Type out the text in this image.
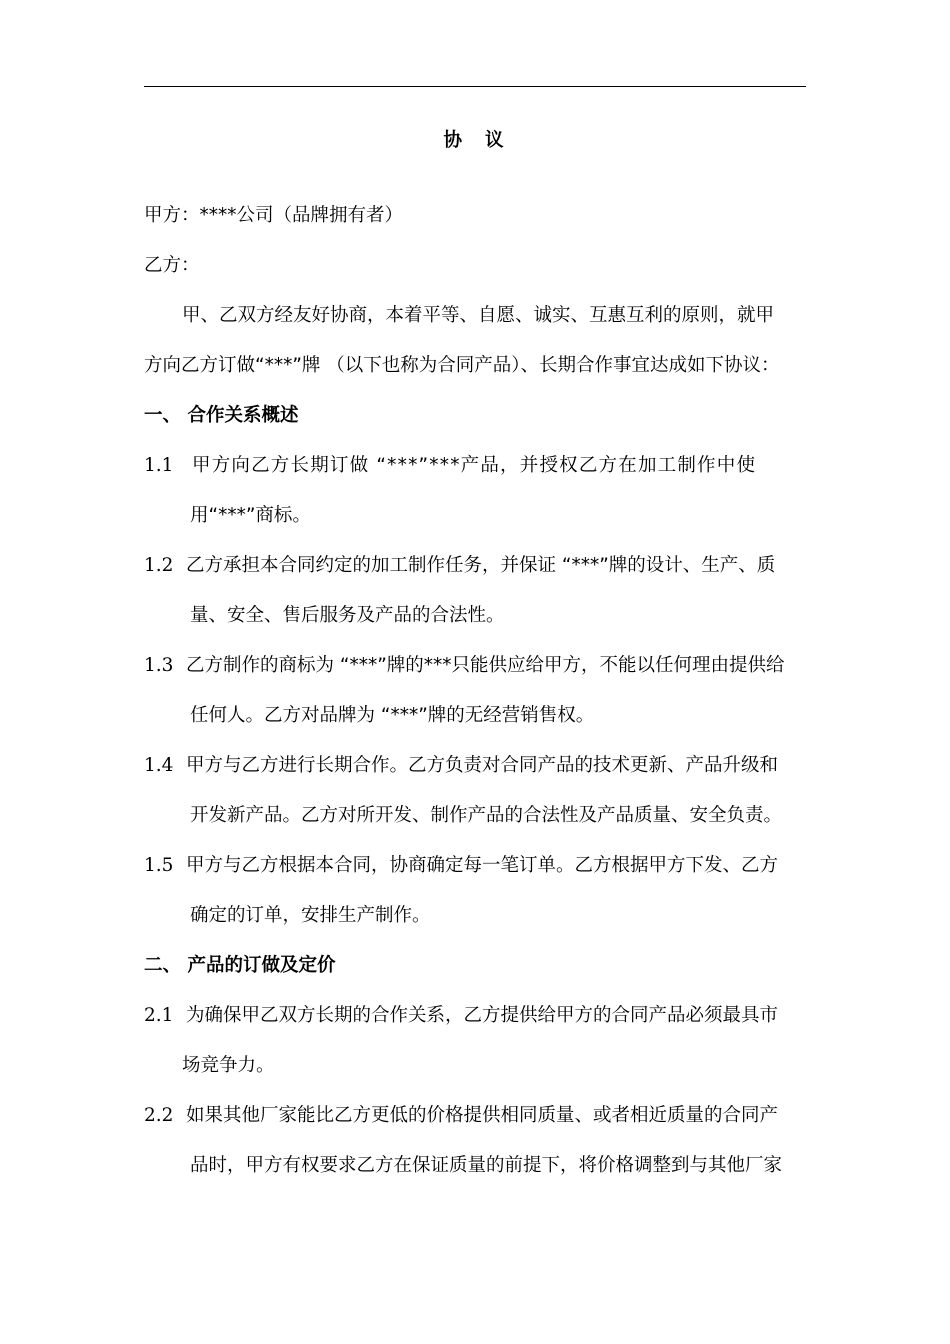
协 议

甲方：****公司（品牌拥有者）

乙方：

甲、乙双方经友好协商，本着平等、自愿、诚实、互惠互利的原则，就甲

方向乙方订做“***”牌 （以下也称为合同产品）、长期合作事宜达成如下协议：

一、 合作关系概述

1.1 甲方向乙方长期订做 “***”***产品，并授权乙方在加工制作中使

用“***”商标。

1.2 乙方承担本合同约定的加工制作任务，并保证 “***”牌的设计、生产、质

量、安全、售后服务及产品的合法性。

1.3 乙方制作的商标为 “***”牌的***只能供应给甲方，不能以任何理由提供给

任何人。乙方对品牌为 “***”牌的无经营销售权。

1.4 甲方与乙方进行长期合作。乙方负责对合同产品的技术更新、产品升级和

开发新产品。乙方对所开发、制作产品的合法性及产品质量、安全负责。

1.5 甲方与乙方根据本合同，协商确定每一笔订单。乙方根据甲方下发、乙方

确定的订单，安排生产制作。

二、 产品的订做及定价

2.1 为确保甲乙双方长期的合作关系，乙方提供给甲方的合同产品必须最具市

场竞争力。

2.2 如果其他厂家能比乙方更低的价格提供相同质量、或者相近质量的合同产

品时，甲方有权要求乙方在保证质量的前提下，将价格调整到与其他厂家
